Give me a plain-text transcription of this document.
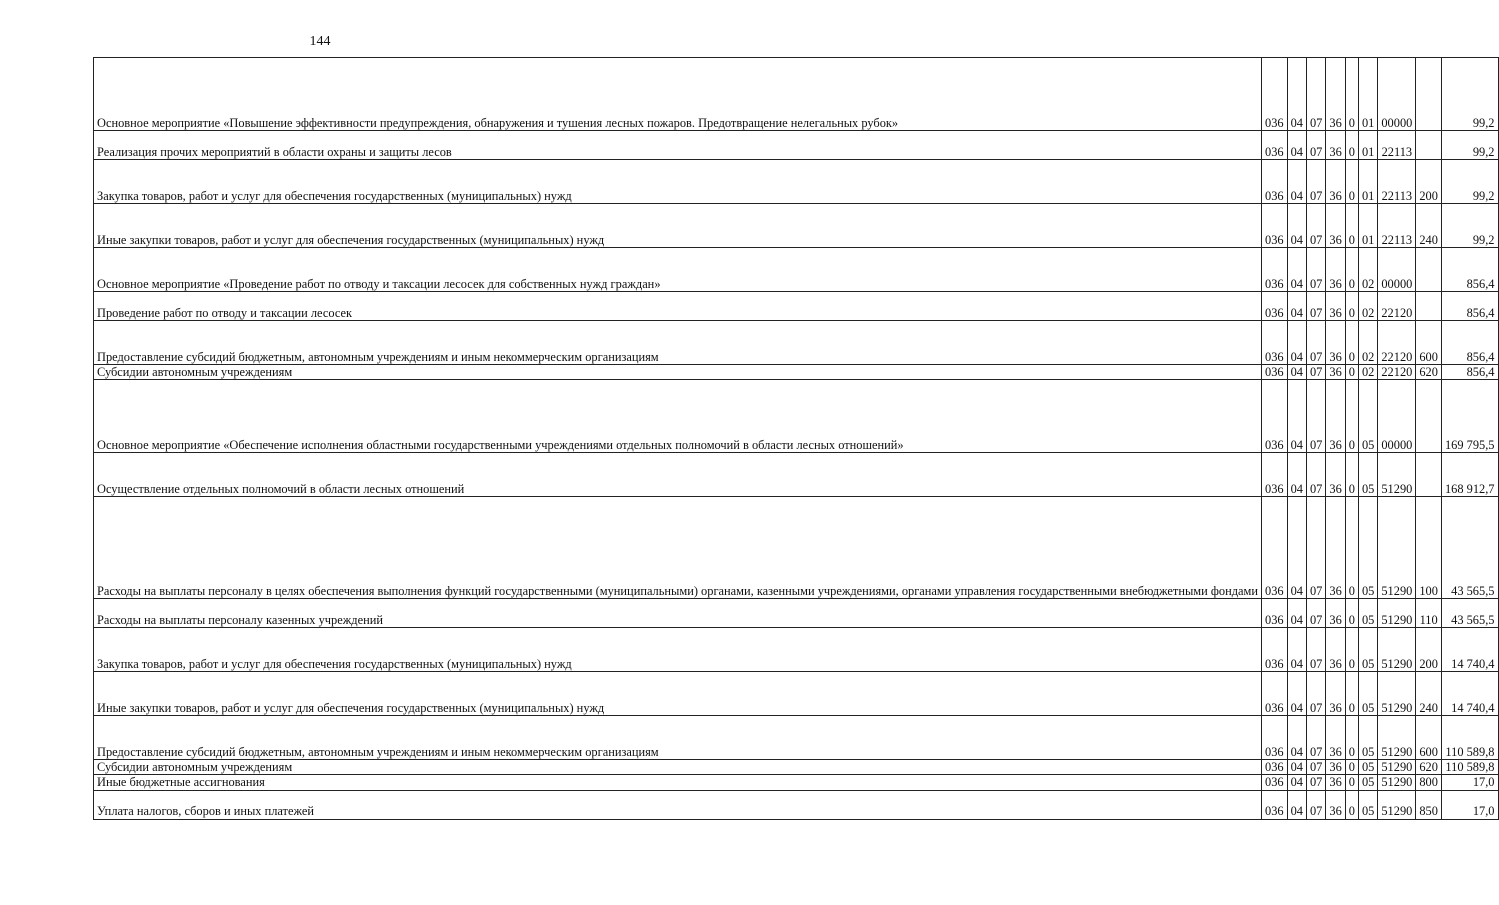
144
Основное мероприятие «Повышение эффективности предупреждения, обнаружения и тушения лесных пожаров. Предотвращение нелегальных рубок»	036	04	07	36	0	01	00000		99,2
Реализация прочих мероприятий в области охраны и защиты лесов	036	04	07	36	0	01	22113		99,2
Закупка товаров, работ и услуг для обеспечения государственных (муниципальных) нужд	036	04	07	36	0	01	22113	200	99,2
Иные закупки товаров, работ и услуг для обеспечения государственных (муниципальных) нужд	036	04	07	36	0	01	22113	240	99,2
Основное мероприятие «Проведение работ по отводу и таксации лесосек для собственных нужд граждан»	036	04	07	36	0	02	00000		856,4
Проведение работ по отводу и таксации лесосек	036	04	07	36	0	02	22120		856,4
Предоставление субсидий бюджетным, автономным учреждениям и иным некоммерческим организациям	036	04	07	36	0	02	22120	600	856,4
Субсидии автономным учреждениям	036	04	07	36	0	02	22120	620	856,4
Основное мероприятие «Обеспечение исполнения областными государственными учреждениями отдельных полномочий в области лесных отношений»	036	04	07	36	0	05	00000		169 795,5
Осуществление отдельных полномочий в области лесных отношений	036	04	07	36	0	05	51290		168 912,7
Расходы на выплаты персоналу в целях обеспечения выполнения функций государственными (муниципальными) органами, казенными учреждениями, органами управления государственными внебюджетными фондами	036	04	07	36	0	05	51290	100	43 565,5
Расходы на выплаты персоналу казенных учреждений	036	04	07	36	0	05	51290	110	43 565,5
Закупка товаров, работ и услуг для обеспечения государственных (муниципальных) нужд	036	04	07	36	0	05	51290	200	14 740,4
Иные закупки товаров, работ и услуг для обеспечения государственных (муниципальных) нужд	036	04	07	36	0	05	51290	240	14 740,4
Предоставление субсидий бюджетным, автономным учреждениям и иным некоммерческим организациям	036	04	07	36	0	05	51290	600	110 589,8
Субсидии автономным учреждениям	036	04	07	36	0	05	51290	620	110 589,8
Иные бюджетные ассигнования	036	04	07	36	0	05	51290	800	17,0
Уплата налогов, сборов и иных платежей	036	04	07	36	0	05	51290	850	17,0
